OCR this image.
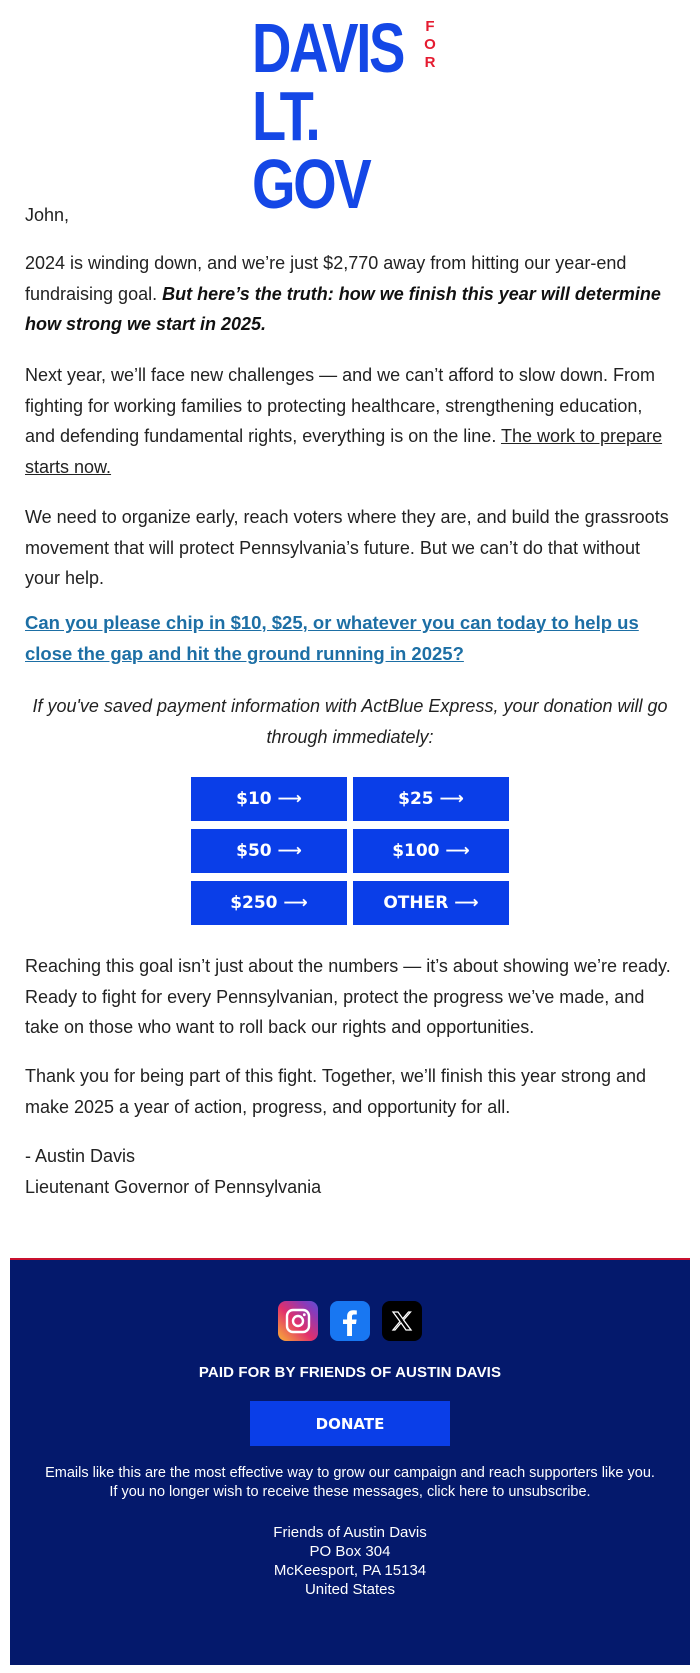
DAVIS F
O
R
LT. GOV

John,

2024 is winding down, and we’re just $2,770 away from hitting our year-end fundraising goal. But here’s the truth: how we finish this year will determine how strong we start in 2025.

Next year, we’ll face new challenges — and we can’t afford to slow down. From fighting for working families to protecting healthcare, strengthening education, and defending fundamental rights, everything is on the line. The work to prepare starts now.

We need to organize early, reach voters where they are, and build the grassroots movement that will protect Pennsylvania’s future. But we can’t do that without your help.

Can you please chip in $10, $25, or whatever you can today to help us close the gap and hit the ground running in 2025?

If you've saved payment information with ActBlue Express, your donation will go through immediately:

$10 ⟶	$25 ⟶
$50 ⟶	$100 ⟶
$250 ⟶	OTHER ⟶

Reaching this goal isn’t just about the numbers — it’s about showing we’re ready. Ready to fight for every Pennsylvanian, protect the progress we’ve made, and take on those who want to roll back our rights and opportunities.

Thank you for being part of this fight. Together, we’ll finish this year strong and make 2025 a year of action, progress, and opportunity for all.

- Austin Davis

Lieutenant Governor of Pennsylvania

PAID FOR BY FRIENDS OF AUSTIN DAVIS
DONATE
Emails like this are the most effective way to grow our campaign and reach supporters like you. If you no longer wish to receive these messages, click here to unsubscribe.
Friends of Austin Davis
PO Box 304
McKeesport, PA 15134
United States
